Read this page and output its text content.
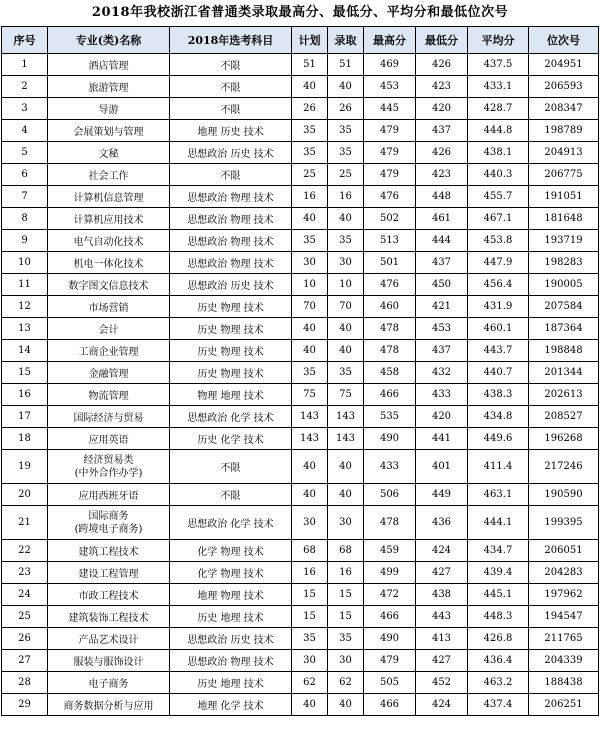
2018年我校浙江省普通类录取最高分、最低分、平均分和最低位次号
序号	专业(类)名称	2018年选考科目	计划	录取	最高分	最低分	平均分	位次号
1	酒店管理	不限	51	51	469	426	437.5	204951
2	旅游管理	不限	40	40	453	423	433.1	206593
3	导游	不限	26	26	445	420	428.7	208347
4	会展策划与管理	地理 历史 技术	35	35	479	437	444.8	198789
5	文秘	思想政治 历史 技术	35	35	479	426	438.1	204913
6	社会工作	不限	25	25	479	423	440.3	206775
7	计算机信息管理	思想政治 物理 技术	16	16	476	448	455.7	191051
8	计算机应用技术	思想政治 物理 技术	40	40	502	461	467.1	181648
9	电气自动化技术	思想政治 物理 技术	35	35	513	444	453.8	193719
10	机电一体化技术	思想政治 物理 技术	30	30	501	437	447.9	198283
11	数字图文信息技术	思想政治 历史 技术	10	10	476	450	456.4	190005
12	市场营销	历史 物理 技术	70	70	460	421	431.9	207584
13	会计	历史 物理 技术	40	40	478	453	460.1	187364
14	工商企业管理	历史 物理 技术	40	40	478	437	443.7	198848
15	金融管理	历史 物理 技术	35	35	458	432	440.7	201344
16	物流管理	物理 地理 技术	75	75	466	433	438.3	202613
17	国际经济与贸易	思想政治 化学 技术	143	143	535	420	434.8	208527
18	应用英语	历史 化学 技术	143	143	490	441	449.6	196268
19	经济贸易类
(中外合作办学)	不限	40	40	433	401	411.4	217246
20	应用西班牙语	不限	40	40	506	449	463.1	190590
21	国际商务
(跨境电子商务)	思想政治 化学 技术	30	30	478	436	444.1	199395
22	建筑工程技术	化学 物理 技术	68	68	459	424	434.7	206051
23	建设工程管理	化学 物理 技术	16	16	499	427	439.4	204283
24	市政工程技术	地理 物理 技术	15	15	472	438	445.1	197962
25	建筑装饰工程技术	历史 地理 技术	15	15	466	443	448.3	194547
26	产品艺术设计	思想政治 历史 技术	35	35	490	413	426.8	211765
27	服装与服饰设计	思想政治 物理 技术	30	30	479	427	436.4	204339
28	电子商务	历史 地理 技术	62	62	505	452	463.2	188438
29	商务数据分析与应用	地理 化学 技术	40	40	466	424	437.4	206251
